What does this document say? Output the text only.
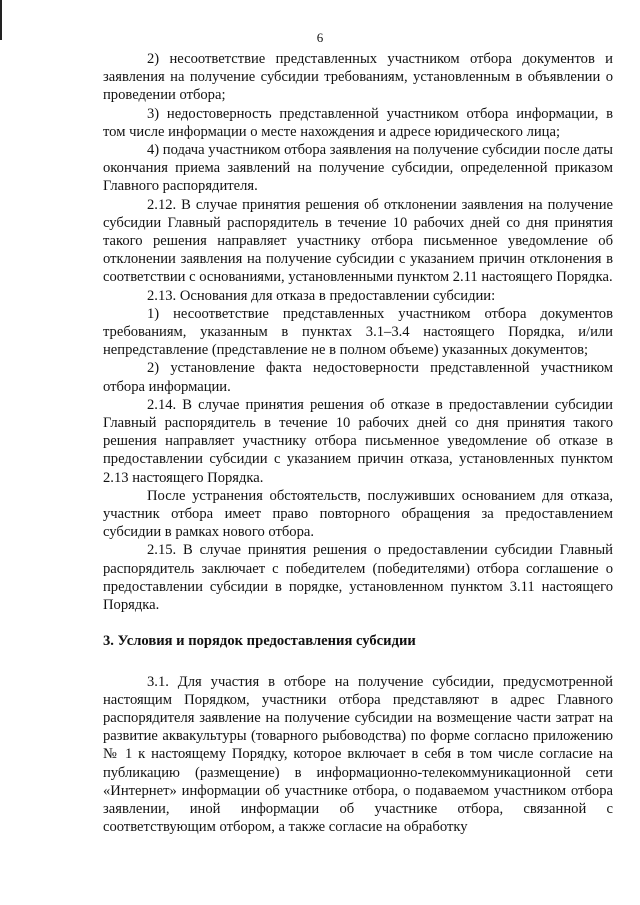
6

2) несоответствие представленных участником отбора документов и заявления на получение субсидии требованиям, установленным в объявлении о проведении отбора;

3) недостоверность представленной участником отбора информации, в том числе информации о месте нахождения и адресе юридического лица;

4) подача участником отбора заявления на получение субсидии после даты окончания приема заявлений на получение субсидии, определенной приказом Главного распорядителя.

2.12. В случае принятия решения об отклонении заявления на получение субсидии Главный распорядитель в течение 10 рабочих дней со дня принятия такого решения направляет участнику отбора письменное уведомление об отклонении заявления на получение субсидии с указанием причин отклонения в соответствии с основаниями, установленными пунктом 2.11 настоящего Порядка.

2.13. Основания для отказа в предоставлении субсидии:

1) несоответствие представленных участником отбора документов требованиям, указанным в пунктах 3.1–3.4 настоящего Порядка, и/или непредставление (представление не в полном объеме) указанных документов;

2) установление факта недостоверности представленной участником отбора информации.

2.14. В случае принятия решения об отказе в предоставлении субсидии Главный распорядитель в течение 10 рабочих дней со дня принятия такого решения направляет участнику отбора письменное уведомление об отказе в предоставлении субсидии с указанием причин отказа, установленных пунктом 2.13 настоящего Порядка.

После устранения обстоятельств, послуживших основанием для отказа, участник отбора имеет право повторного обращения за предоставлением субсидии в рамках нового отбора.

2.15. В случае принятия решения о предоставлении субсидии Главный распорядитель заключает с победителем (победителями) отбора соглашение о предоставлении субсидии в порядке, установленном пунктом 3.11 настоящего Порядка.

3. Условия и порядок предоставления субсидии

3.1. Для участия в отборе на получение субсидии, предусмотренной настоящим Порядком, участники отбора представляют в адрес Главного распорядителя заявление на получение субсидии на возмещение части затрат на развитие аквакультуры (товарного рыбоводства) по форме согласно приложению № 1 к настоящему Порядку, которое включает в себя в том числе согласие на публикацию (размещение) в информационно-телекоммуникационной сети «Интернет» информации об участнике отбора, о подаваемом участником отбора заявлении, иной информации об участнике отбора, связанной с соответствующим отбором, а также согласие на обработку
